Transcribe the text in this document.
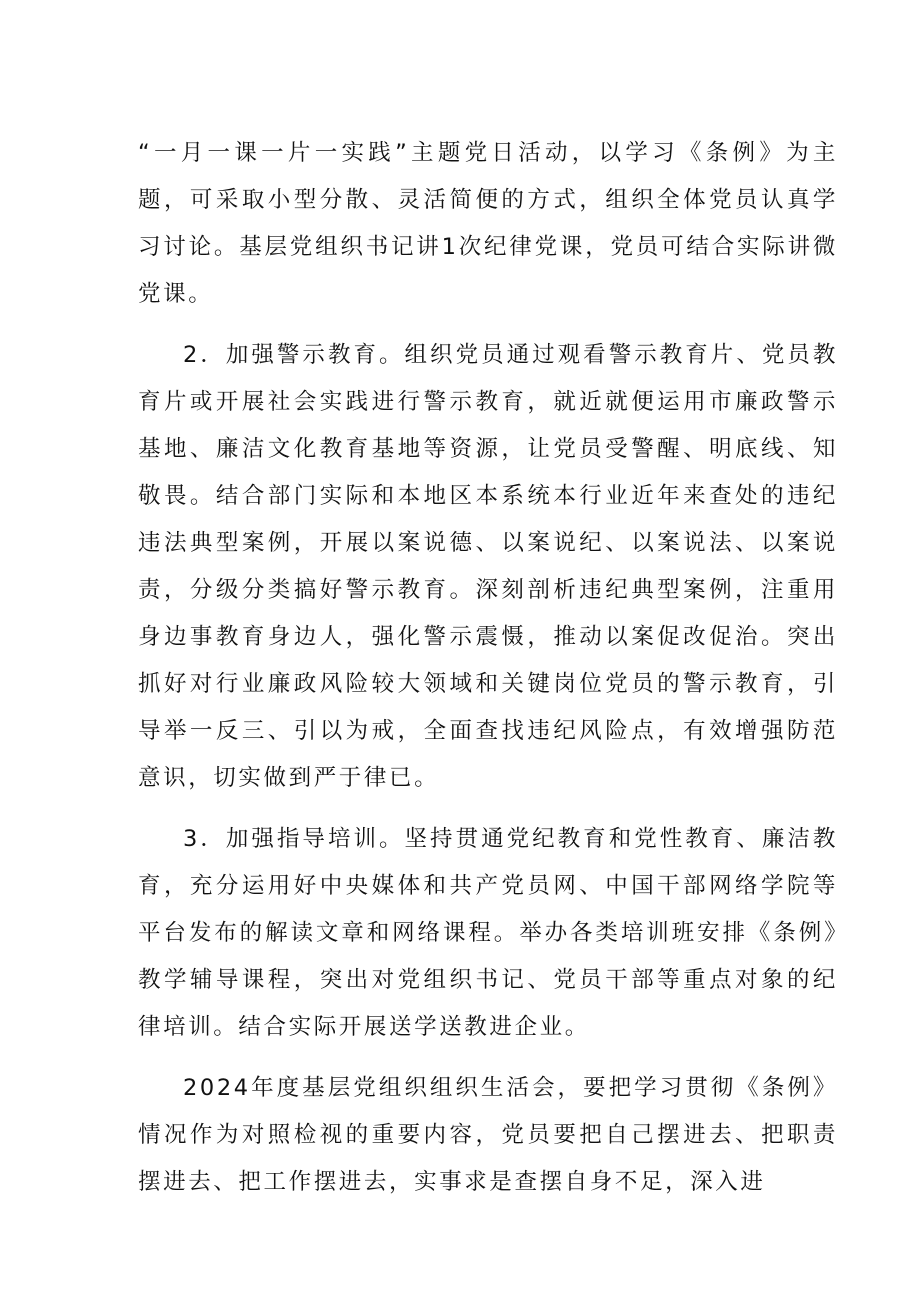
“一月一课一片一实践”主题党日活动，以学习《条例》为主题，可采取小型分散、灵活简便的方式，组织全体党员认真学习讨论。基层党组织书记讲1次纪律党课，党员可结合实际讲微党课。

2．加强警示教育。组织党员通过观看警示教育片、党员教育片或开展社会实践进行警示教育，就近就便运用市廉政警示基地、廉洁文化教育基地等资源，让党员受警醒、明底线、知敬畏。结合部门实际和本地区本系统本行业近年来查处的违纪违法典型案例，开展以案说德、以案说纪、以案说法、以案说责，分级分类搞好警示教育。深刻剖析违纪典型案例，注重用身边事教育身边人，强化警示震慑，推动以案促改促治。突出抓好对行业廉政风险较大领域和关键岗位党员的警示教育，引导举一反三、引以为戒，全面查找违纪风险点，有效增强防范意识，切实做到严于律已。

3．加强指导培训。坚持贯通党纪教育和党性教育、廉洁教育，充分运用好中央媒体和共产党员网、中国干部网络学院等平台发布的解读文章和网络课程。举办各类培训班安排《条例》教学辅导课程，突出对党组织书记、党员干部等重点对象的纪律培训。结合实际开展送学送教进企业。

2024年度基层党组织组织生活会，要把学习贯彻《条例》情况作为对照检视的重要内容，党员要把自己摆进去、把职责摆进去、把工作摆进去，实事求是查摆自身不足，深入进
